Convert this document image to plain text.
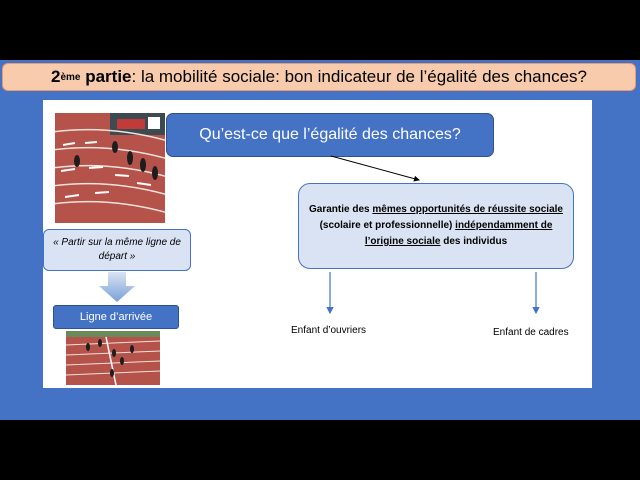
2 ème
partie : la mobilité sociale: bon indicateur de l’égalité des chances?
« Partir sur la même ligne de départ »
Ligne d’arrivée
Qu’est-ce que l’égalité des chances?
Garantie des mêmes opportunités de réussite sociale (scolaire et professionnelle) indépendamment de l’origine sociale des individus
Enfant d’ouvriers	Enfant de cadres
